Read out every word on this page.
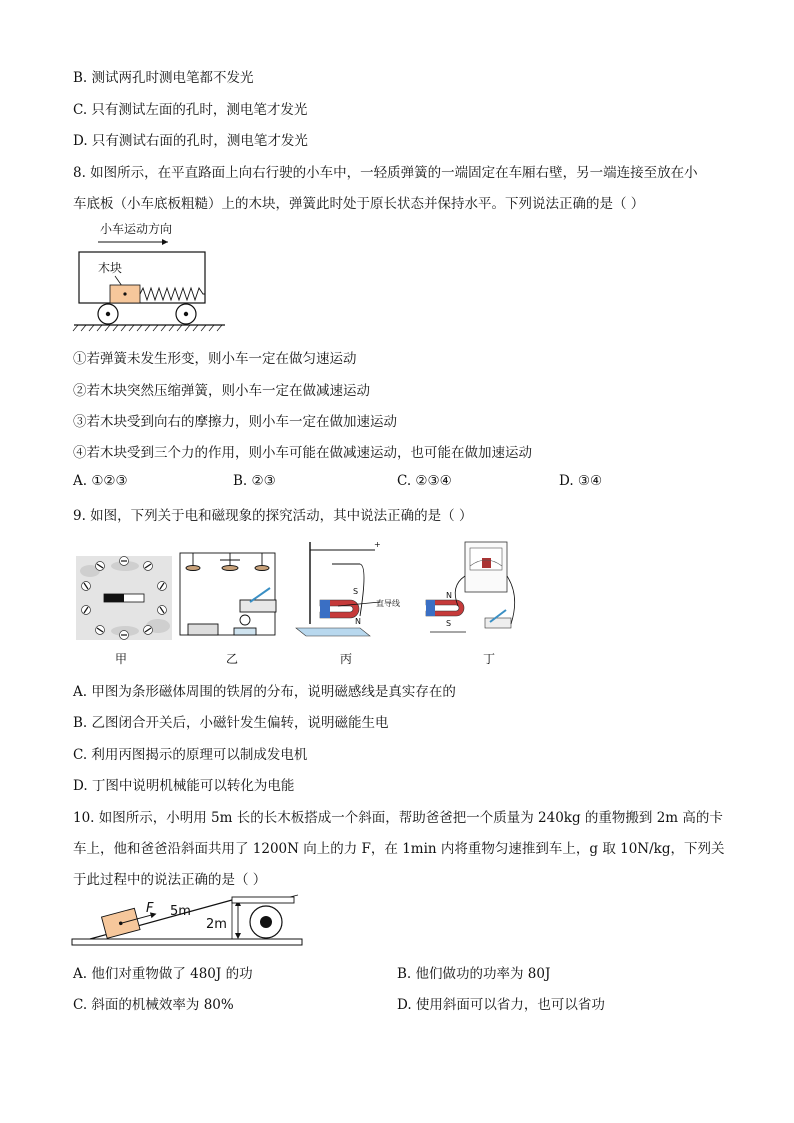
B. 测试两孔时测电笔都不发光
C. 只有测试左面的孔时，测电笔才发光
D. 只有测试右面的孔时，测电笔才发光
8. 如图所示，在平直路面上向右行驶的小车中，一轻质弹簧的一端固定在车厢右壁，另一端连接至放在小
车底板（小车底板粗糙）上的木块，弹簧此时处于原长状态并保持水平。下列说法正确的是（ ）
小车运动方向
木块
①若弹簧未发生形变，则小车一定在做匀速运动
②若木块突然压缩弹簧，则小车一定在做减速运动
③若木块受到向右的摩擦力，则小车一定在做加速运动
④若木块受到三个力的作用，则小车可能在做减速运动，也可能在做加速运动
A. ①②③	B. ②③	C. ②③④	D. ③④
9. 如图，下列关于电和磁现象的探究活动，其中说法正确的是（ ）
S
N
直导线
+
N
S
甲	乙	丙	丁
A. 甲图为条形磁体周围的铁屑的分布，说明磁感线是真实存在的
B. 乙图闭合开关后，小磁针发生偏转，说明磁能生电
C. 利用丙图揭示的原理可以制成发电机
D. 丁图中说明机械能可以转化为电能
10. 如图所示，小明用 5m 长的长木板搭成一个斜面，帮助爸爸把一个质量为 240kg 的重物搬到 2m 高的卡
车上，他和爸爸沿斜面共用了 1200N 向上的力 F，在 1min 内将重物匀速推到车上，g 取 10N/kg，下列关
于此过程中的说法正确的是（ ）
F 5m
2m
A. 他们对重物做了 480J 的功	B. 他们做功的功率为 80J
C. 斜面的机械效率为 80%	D. 使用斜面可以省力，也可以省功
